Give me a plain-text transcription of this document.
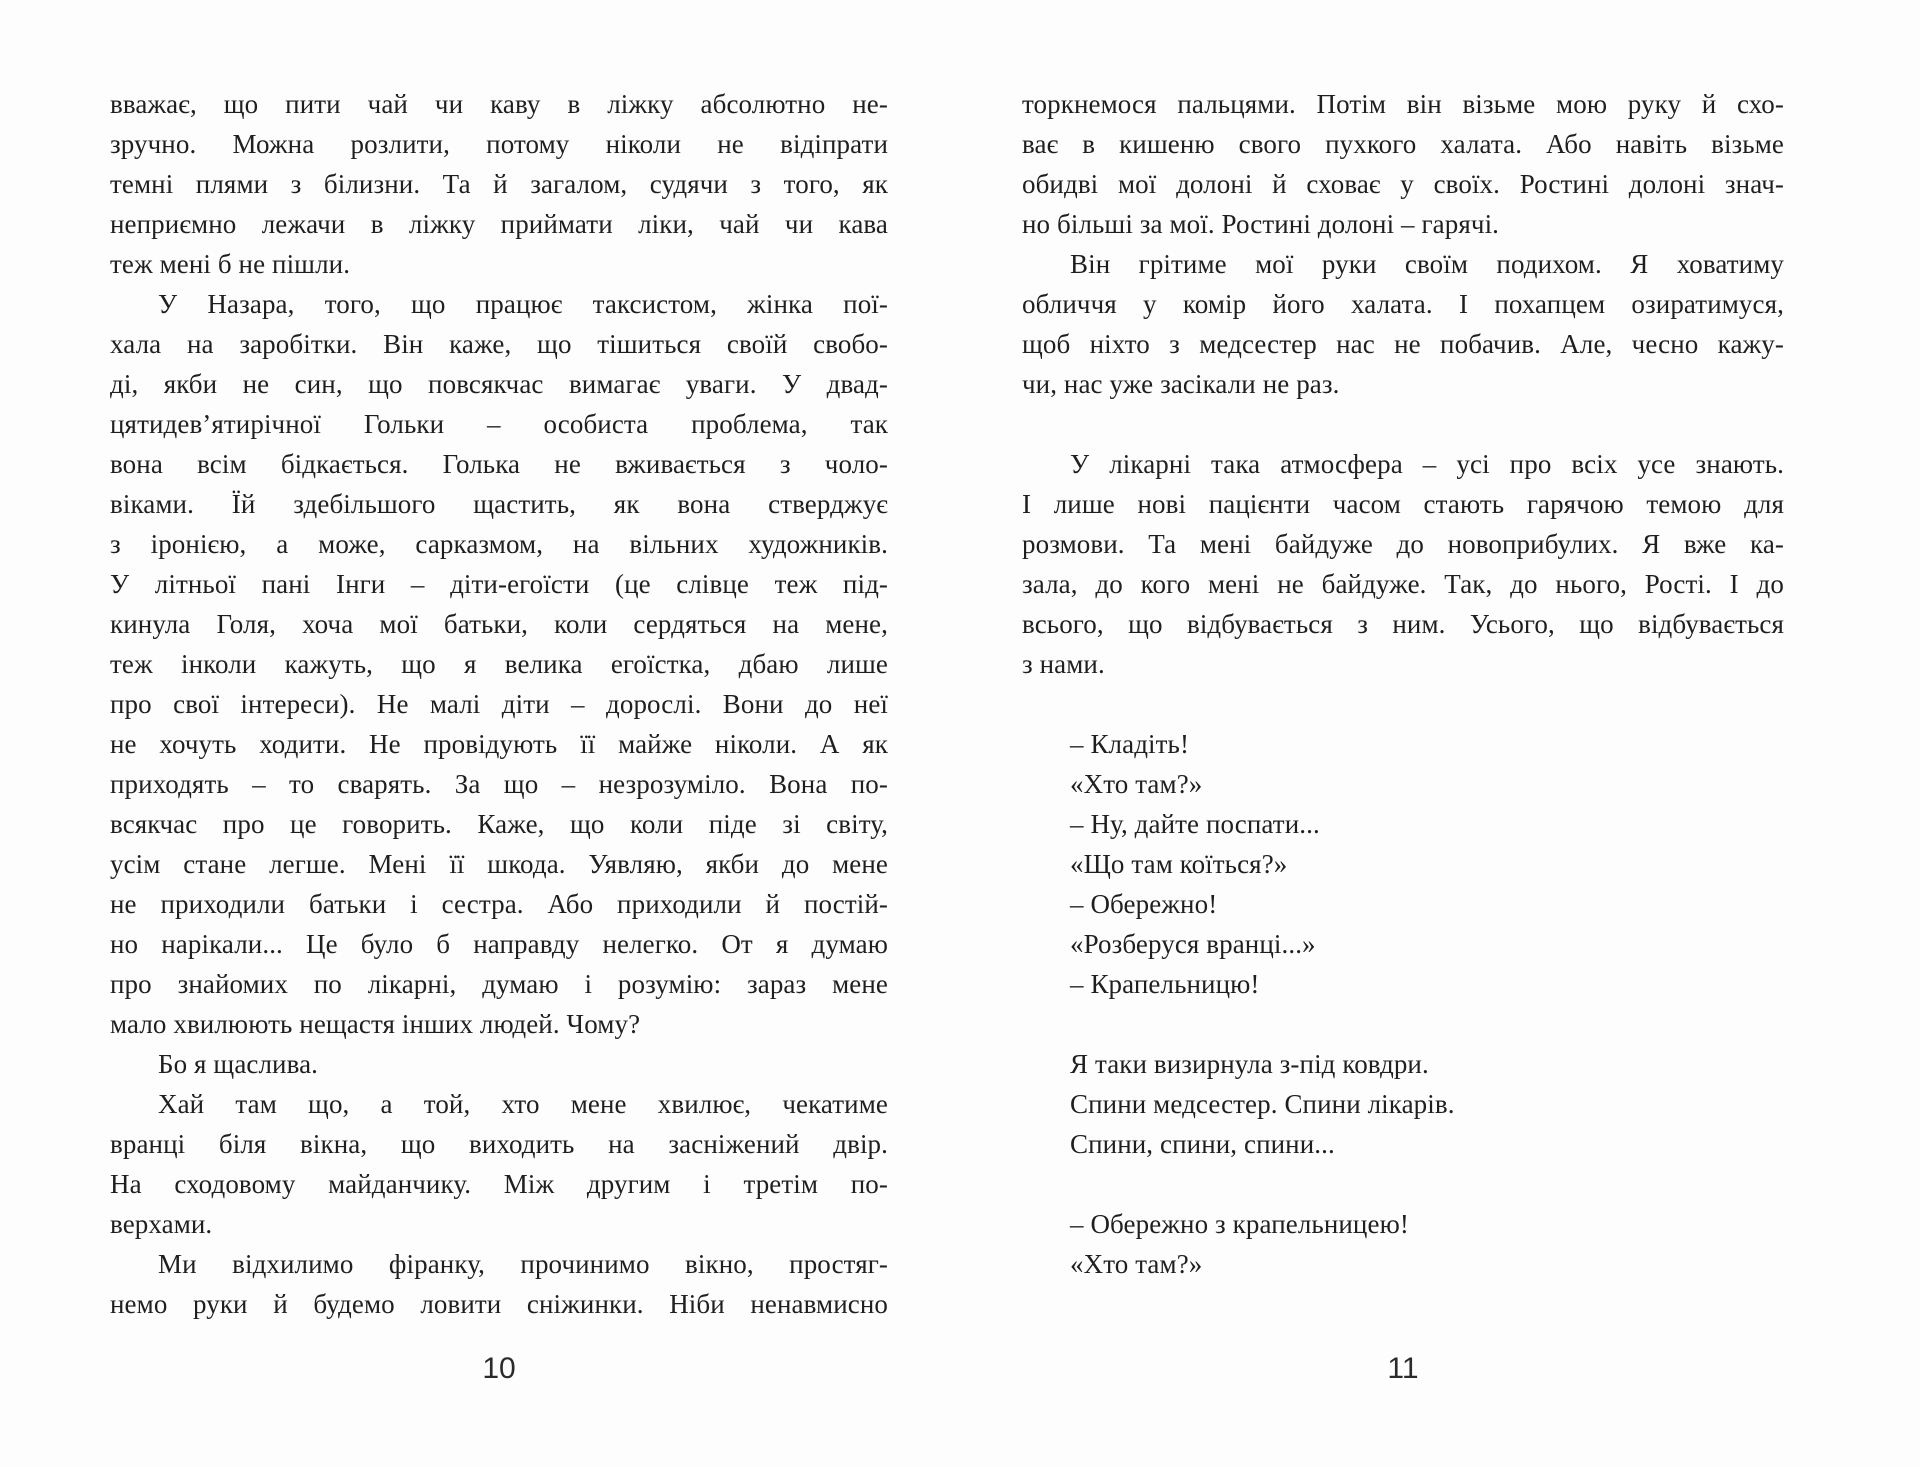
вважає, що пити чай чи каву в ліжку абсолютно не-
зручно. Можна розлити, потому ніколи не відіпрати
темні плями з білизни. Та й загалом, судячи з того, як
неприємно лежачи в ліжку приймати ліки, чай чи кава
теж мені б не пішли.
У Назара, того, що працює таксистом, жінка пої-
хала на заробітки. Він каже, що тішиться своїй свобо-
ді, якби не син, що повсякчас вимагає уваги. У двад-
цятидев’ятирічної Гольки – особиста проблема, так
вона всім бідкається. Голька не вживається з чоло-
віками. Їй здебільшого щастить, як вона стверджує
з іронією, а може, сарказмом, на вільних художників.
У літньої пані Інги – діти-егоїсти (це слівце теж під-
кинула Голя, хоча мої батьки, коли сердяться на мене,
теж інколи кажуть, що я велика егоїстка, дбаю лише
про свої інтереси). Не малі діти – дорослі. Вони до неї
не хочуть ходити. Не провідують її майже ніколи. А як
приходять – то сварять. За що – незрозуміло. Вона по-
всякчас про це говорить. Каже, що коли піде зі світу,
усім стане легше. Мені її шкода. Уявляю, якби до мене
не приходили батьки і сестра. Або приходили й постій-
но нарікали... Це було б направду нелегко. От я думаю
про знайомих по лікарні, думаю і розумію: зараз мене
мало хвилюють нещастя інших людей. Чому?
Бо я щаслива.
Хай там що, а той, хто мене хвилює, чекатиме
вранці біля вікна, що виходить на засніжений двір.
На сходовому майданчику. Між другим і третім по-
верхами.
Ми відхилимо фіранку, прочинимо вікно, простяг-
немо руки й будемо ловити сніжинки. Ніби ненавмисно
торкнемося пальцями. Потім він візьме мою руку й схо-
ває в кишеню свого пухкого халата. Або навіть візьме
обидві мої долоні й сховає у своїх. Ростині долоні знач-
но більші за мої. Ростині долоні – гарячі.
Він грітиме мої руки своїм подихом. Я ховатиму
обличчя у комір його халата. І похапцем озиратимуся,
щоб ніхто з медсестер нас не побачив. Але, чесно кажу-
чи, нас уже засікали не раз.
У лікарні така атмосфера – усі про всіх усе знають.
І лише нові пацієнти часом стають гарячою темою для
розмови. Та мені байдуже до новоприбулих. Я вже ка-
зала, до кого мені не байдуже. Так, до нього, Рості. І до
всього, що відбувається з ним. Усього, що відбувається
з нами.
– Кладіть!
«Хто там?»
– Ну, дайте поспати...
«Що там коїться?»
– Обережно!
«Розберуся вранці...»
– Крапельницю!
Я таки визирнула з-під ковдри.
Спини медсестер. Спини лікарів.
Спини, спини, спини...
– Обережно з крапельницею!
«Хто там?»
10	11
